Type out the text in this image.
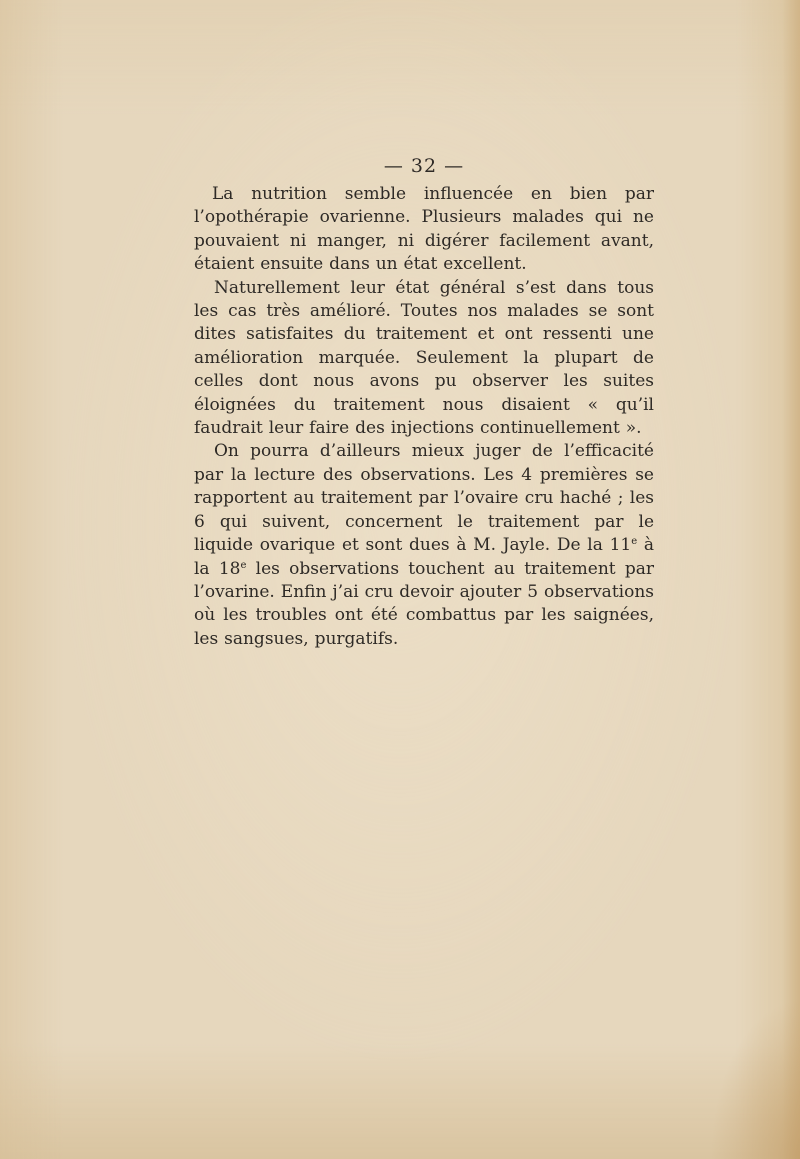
— 32 —

La nutrition semble influencée en bien par l’opothérapie ovarienne. Plusieurs malades qui ne pouvaient ni manger, ni digérer facilement avant, étaient ensuite dans un état excellent.

Naturellement leur état général s’est dans tous les cas très amélioré. Toutes nos malades se sont dites satisfaites du traitement et ont ressenti une amélioration marquée. Seulement la plupart de celles dont nous avons pu observer les suites éloignées du traitement nous disaient « qu’il faudrait leur faire des injections continuellement ».

On pourra d’ailleurs mieux juger de l’efficacité par la lecture des observations. Les 4 premières se rapportent au traitement par l’ovaire cru haché ; les 6 qui suivent, concernent le traitement par le liquide ovarique et sont dues à M. Jayle. De la 11e à la 18e les observations touchent au traitement par l’ovarine. Enfin j’ai cru devoir ajouter 5 observations où les troubles ont été combattus par les saignées, les sangsues, purgatifs.
